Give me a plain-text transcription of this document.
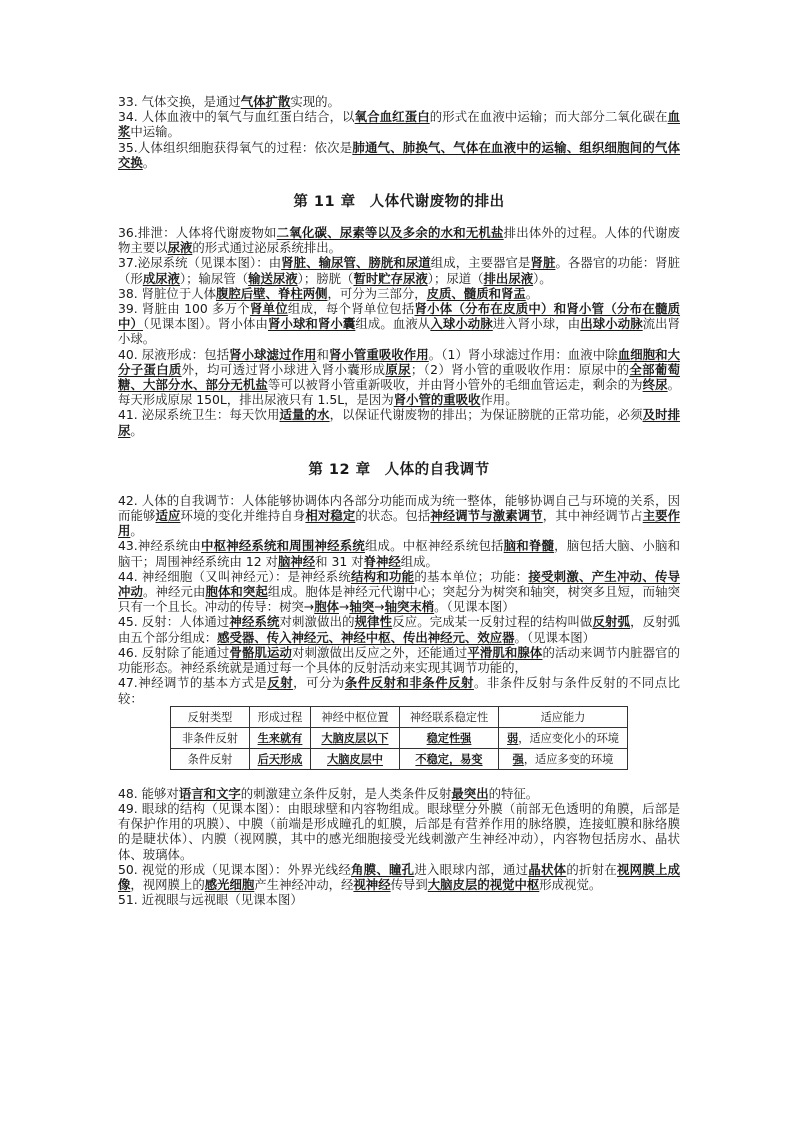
33. 气体交换，是通过气体扩散实现的。

34. 人体血液中的氧气与血红蛋白结合，以氧合血红蛋白的形式在血液中运输；而大部分二氧化碳在血浆中运输。

35.人体组织细胞获得氧气的过程：依次是肺通气、肺换气、气体在血液中的运输、组织细胞间的气体交换。

第 11 章 人体代谢废物的排出

36.排泄：人体将代谢废物如二氧化碳、尿素等以及多余的水和无机盐排出体外的过程。人体的代谢废物主要以尿液的形式通过泌尿系统排出。

37.泌尿系统（见课本图）：由肾脏、输尿管、膀胱和尿道组成，主要器官是肾脏。各器官的功能：肾脏（形成尿液）；输尿管（输送尿液）；膀胱（暂时贮存尿液）；尿道（排出尿液）。

38. 肾脏位于人体腹腔后壁、脊柱两侧，可分为三部分，皮质、髓质和肾盂。

39. 肾脏由 100 多万个肾单位组成，每个肾单位包括肾小体（分布在皮质中）和肾小管（分布在髓质中）（见课本图）。肾小体由肾小球和肾小囊组成。血液从入球小动脉进入肾小球，由出球小动脉流出肾小球。

40. 尿液形成：包括肾小球滤过作用和肾小管重吸收作用。（1）肾小球滤过作用：血液中除血细胞和大分子蛋白质外，均可透过肾小球进入肾小囊形成原尿；（2）肾小管的重吸收作用：原尿中的全部葡萄糖、大部分水、部分无机盐等可以被肾小管重新吸收，并由肾小管外的毛细血管运走，剩余的为终尿。每天形成原尿 150L，排出尿液只有 1.5L，是因为肾小管的重吸收作用。

41. 泌尿系统卫生：每天饮用适量的水，以保证代谢废物的排出；为保证膀胱的正常功能，必须及时排尿。

第 12 章 人体的自我调节

42. 人体的自我调节：人体能够协调体内各部分功能而成为统一整体，能够协调自己与环境的关系，因而能够适应环境的变化并维持自身相对稳定的状态。包括神经调节与激素调节，其中神经调节占主要作用。

43.神经系统由中枢神经系统和周围神经系统组成。中枢神经系统包括脑和脊髓，脑包括大脑、小脑和脑干；周围神经系统由 12 对脑神经和 31 对脊神经组成。

44. 神经细胞（又叫神经元）：是神经系统结构和功能的基本单位；功能：接受刺激、产生冲动、传导冲动。神经元由胞体和突起组成。胞体是神经元代谢中心；突起分为树突和轴突，树突多且短，而轴突只有一个且长。冲动的传导：树突→胞体→轴突→轴突末梢。（见课本图）

45. 反射：人体通过神经系统对刺激做出的规律性反应。完成某一反射过程的结构叫做反射弧，反射弧由五个部分组成：感受器、传入神经元、神经中枢、传出神经元、效应器。（见课本图）

46. 反射除了能通过骨骼肌运动对刺激做出反应之外，还能通过平滑肌和腺体的活动来调节内脏器官的功能形态。神经系统就是通过每一个具体的反射活动来实现其调节功能的，

47.神经调节的基本方式是反射，可分为条件反射和非条件反射。非条件反射与条件反射的不同点比较：

反射类型	形成过程	神经中枢位置	神经联系稳定性	适应能力
非条件反射	生来就有	大脑皮层以下	稳定性强	弱，适应变化小的环境
条件反射	后天形成	大脑皮层中	不稳定，易变	强，适应多变的环境

48. 能够对语言和文字的刺激建立条件反射，是人类条件反射最突出的特征。

49. 眼球的结构（见课本图）：由眼球壁和内容物组成。眼球壁分外膜（前部无色透明的角膜，后部是有保护作用的巩膜）、中膜（前端是形成瞳孔的虹膜，后部是有营养作用的脉络膜，连接虹膜和脉络膜的是睫状体）、内膜（视网膜，其中的感光细胞接受光线刺激产生神经冲动），内容物包括房水、晶状体、玻璃体。

50. 视觉的形成（见课本图）：外界光线经角膜、瞳孔进入眼球内部，通过晶状体的折射在视网膜上成像，视网膜上的感光细胞产生神经冲动，经视神经传导到大脑皮层的视觉中枢形成视觉。

51. 近视眼与远视眼（见课本图）
